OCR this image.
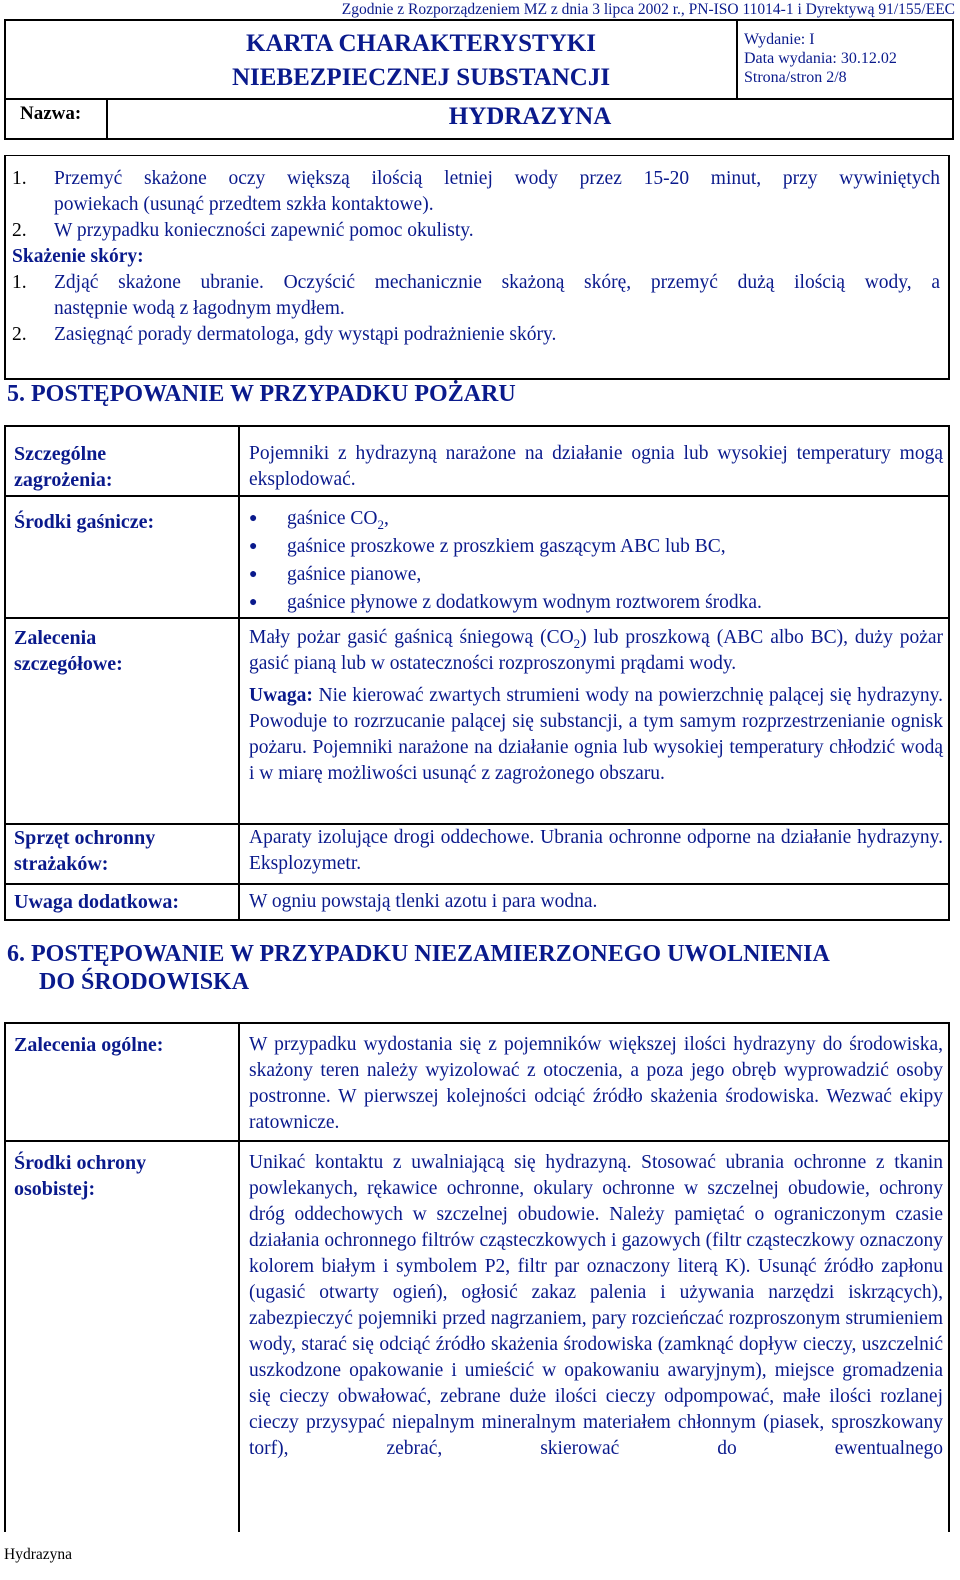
Zgodnie z Rozporządzeniem MZ z dnia 3 lipca 2002 r., PN-ISO 11014-1 i Dyrektywą 91/155/EEC
KARTA CHARAKTERYSTYKI
NIEBEZPIECZNEJ SUBSTANCJI
Wydanie: I
Data wydania: 30.12.02
Strona/stron 2/8
Nazwa:	HYDRAZYNA
1. Przemyć skażone oczy większą ilością letniej wody przez 15-20 minut, przy wywiniętych
powiekach (usunąć przedtem szkła kontaktowe).
2. W przypadku konieczności zapewnić pomoc okulisty.
Skażenie skóry:
1. Zdjąć skażone ubranie. Oczyścić mechanicznie skażoną skórę, przemyć dużą ilością wody, a
następnie wodą z łagodnym mydłem.
2. Zasięgnąć porady dermatologa, gdy wystąpi podrażnienie skóry.
5. POSTĘPOWANIE W PRZYPADKU POŻARU
Szczególne
zagrożenia:
Pojemniki z hydrazyną narażone na działanie ognia lub wysokiej temperatury mogą eksplodować.
Środki gaśnicze:	● gaśnice $CO_2$,
● gaśnice proszkowe z proszkiem gaszącym ABC lub BC,
● gaśnice pianowe,
● gaśnice płynowe z dodatkowym wodnym roztworem środka.
Zalecenia
szczegółowe:

Mały pożar gasić gaśnicą śniegową $(CO_2)$ lub proszkową (ABC albo BC), duży pożar gasić pianą lub w ostateczności rozproszonymi prądami wody.

Uwaga: Nie kierować zwartych strumieni wody na powierzchnię palącej się hydrazyny. Powoduje to rozrzucanie palącej się substancji, a tym samym rozprzestrzenianie ognisk pożaru. Pojemniki narażone na działanie ognia lub wysokiej temperatury chłodzić wodą i w miarę możliwości usunąć z zagrożonego obszaru.

Sprzęt ochronny
strażaków:
Aparaty izolujące drogi oddechowe. Ubrania ochronne odporne na działanie hydrazyny. Eksplozymetr.
Uwaga dodatkowa:	W ogniu powstają tlenki azotu i para wodna.
6. POSTĘPOWANIE W PRZYPADKU NIEZAMIERZONEGO UWOLNIENIA
DO ŚRODOWISKA
Zalecenia ogólne:	W przypadku wydostania się z pojemników większej ilości hydrazyny do środowiska, skażony teren należy wyizolować z otoczenia, a poza jego obręb wyprowadzić osoby postronne. W pierwszej kolejności odciąć źródło skażenia środowiska. Wezwać ekipy ratownicze.
Środki ochrony
osobistej:
Unikać kontaktu z uwalniającą się hydrazyną. Stosować ubrania ochronne z tkanin powlekanych, rękawice ochronne, okulary ochronne w szczelnej obudowie, ochrony dróg oddechowych w szczelnej obudowie. Należy pamiętać o ograniczonym czasie działania ochronnego filtrów cząsteczkowych i gazowych (filtr cząsteczkowy oznaczony kolorem białym i symbolem P2, filtr par oznaczony literą K). Usunąć źródło zapłonu (ugasić otwarty ogień), ogłosić zakaz palenia i używania narzędzi iskrzących), zabezpieczyć pojemniki przed nagrzaniem, pary rozcieńczać rozproszonym strumieniem wody, starać się odciąć źródło skażenia środowiska (zamknąć dopływ cieczy, uszczelnić uszkodzone opakowanie i umieścić w opakowaniu awaryjnym), miejsce gromadzenia się cieczy obwałować, zebrane duże ilości cieczy odpompować, małe ilości rozlanej cieczy przysypać niepalnym mineralnym materiałem chłonnym (piasek, sproszkowany torf), zebrać, skierować do ewentualnego
Hydrazyna
